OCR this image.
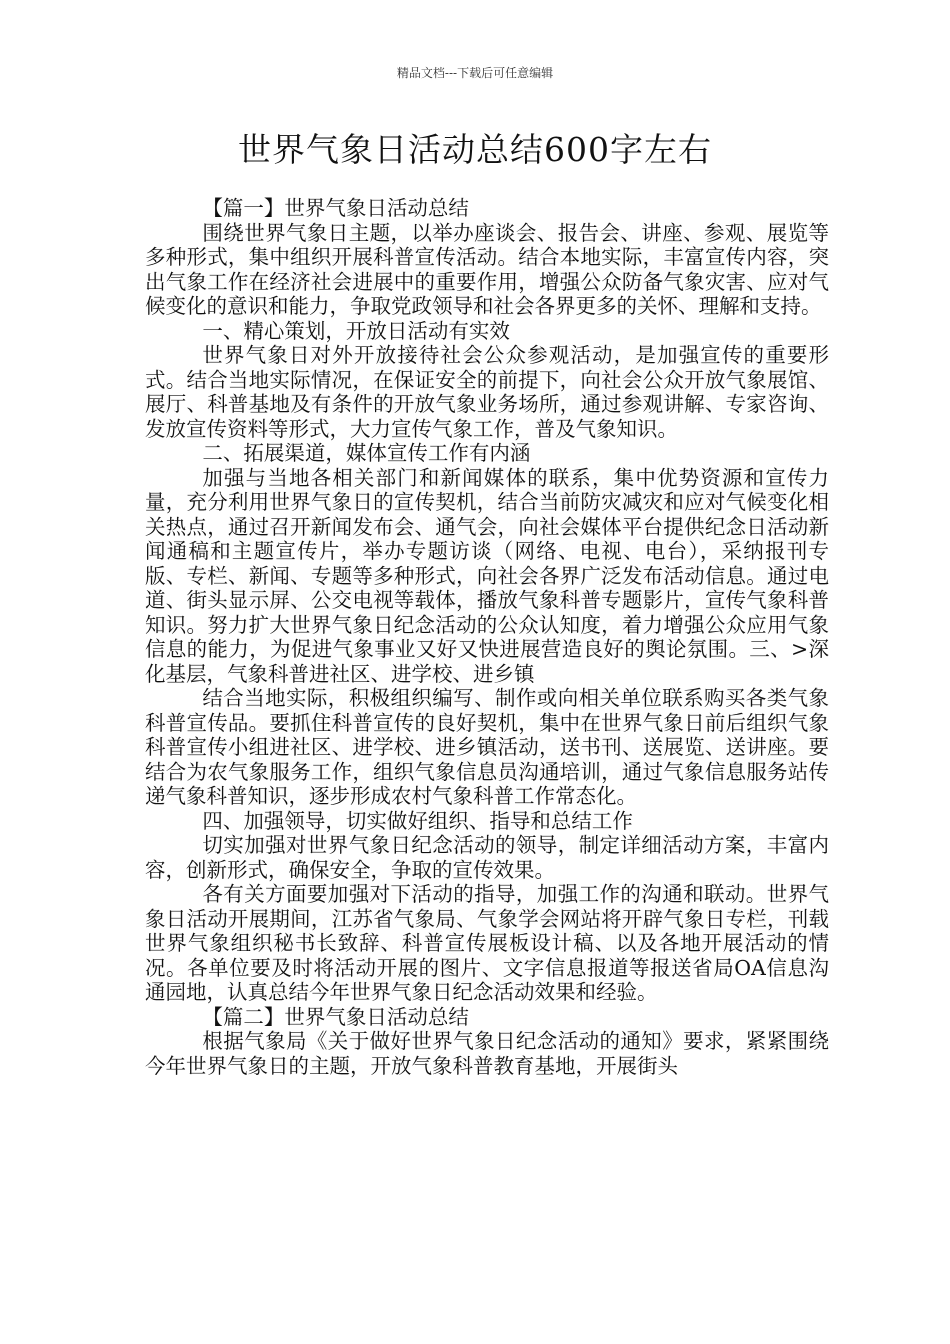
精品文档---下载后可任意编辑
世界气象日活动总结600字左右

【篇一】世界气象日活动总结

围绕世界气象日主题，以举办座谈会、报告会、讲座、参观、展览等多种形式，集中组织开展科普宣传活动。结合本地实际，丰富宣传内容，突出气象工作在经济社会进展中的重要作用，增强公众防备气象灾害、应对气候变化的意识和能力，争取党政领导和社会各界更多的关怀、理解和支持。

一、精心策划，开放日活动有实效

世界气象日对外开放接待社会公众参观活动，是加强宣传的重要形式。结合当地实际情况，在保证安全的前提下，向社会公众开放气象展馆、展厅、科普基地及有条件的开放气象业务场所，通过参观讲解、专家咨询、发放宣传资料等形式，大力宣传气象工作，普及气象知识。

二、拓展渠道，媒体宣传工作有内涵

加强与当地各相关部门和新闻媒体的联系，集中优势资源和宣传力量，充分利用世界气象日的宣传契机，结合当前防灾减灾和应对气候变化相关热点，通过召开新闻发布会、通气会，向社会媒体平台提供纪念日活动新闻通稿和主题宣传片，举办专题访谈（网络、电视、电台），采纳报刊专版、专栏、新闻、专题等多种形式，向社会各界广泛发布活动信息。通过电道、街头显示屏、公交电视等载体，播放气象科普专题影片，宣传气象科普知识。努力扩大世界气象日纪念活动的公众认知度，着力增强公众应用气象信息的能力，为促进气象事业又好又快进展营造良好的舆论氛围。三、>深化基层，气象科普进社区、进学校、进乡镇

结合当地实际，积极组织编写、制作或向相关单位联系购买各类气象科普宣传品。要抓住科普宣传的良好契机，集中在世界气象日前后组织气象科普宣传小组进社区、进学校、进乡镇活动，送书刊、送展览、送讲座。要结合为农气象服务工作，组织气象信息员沟通培训，通过气象信息服务站传递气象科普知识，逐步形成农村气象科普工作常态化。

四、加强领导，切实做好组织、指导和总结工作

切实加强对世界气象日纪念活动的领导，制定详细活动方案，丰富内容，创新形式，确保安全，争取的宣传效果。

各有关方面要加强对下活动的指导，加强工作的沟通和联动。世界气象日活动开展期间，江苏省气象局、气象学会网站将开辟气象日专栏，刊载世界气象组织秘书长致辞、科普宣传展板设计稿、以及各地开展活动的情况。各单位要及时将活动开展的图片、文字信息报道等报送省局OA信息沟通园地，认真总结今年世界气象日纪念活动效果和经验。

【篇二】世界气象日活动总结

根据气象局《关于做好世界气象日纪念活动的通知》要求，紧紧围绕今年世界气象日的主题，开放气象科普教育基地，开展街头
